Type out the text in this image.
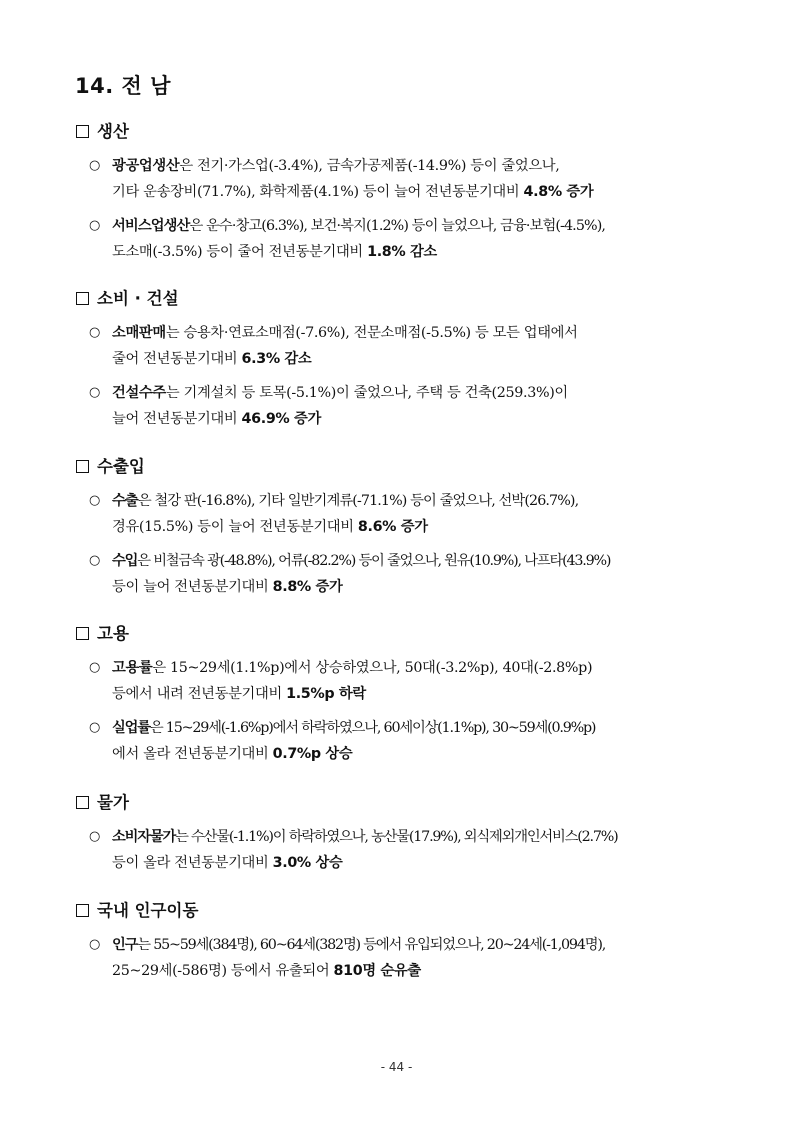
14. 전 남
생산
○ 광공업생산은 전기·가스업(-3.4%), 금속가공제품(-14.9%) 등이 줄었으나,
기타 운송장비(71.7%), 화학제품(4.1%) 등이 늘어 전년동분기대비 4.8% 증가
○ 서비스업생산은 운수·창고(6.3%), 보건·복지(1.2%) 등이 늘었으나, 금융·보험(-4.5%),
도소매(-3.5%) 등이 줄어 전년동분기대비 1.8% 감소
소비 · 건설
○ 소매판매는 승용차·연료소매점(-7.6%), 전문소매점(-5.5%) 등 모든 업태에서
줄어 전년동분기대비 6.3% 감소
○ 건설수주는 기계설치 등 토목(-5.1%)이 줄었으나, 주택 등 건축(259.3%)이
늘어 전년동분기대비 46.9% 증가
수출입
○ 수출은 철강 판(-16.8%), 기타 일반기계류(-71.1%) 등이 줄었으나, 선박(26.7%),
경유(15.5%) 등이 늘어 전년동분기대비 8.6% 증가
○ 수입은 비철금속 광(-48.8%), 어류(-82.2%) 등이 줄었으나, 원유(10.9%), 나프타(43.9%)
등이 늘어 전년동분기대비 8.8% 증가
고용
○ 고용률은 15~29세(1.1%p)에서 상승하였으나, 50대(-3.2%p), 40대(-2.8%p)
등에서 내려 전년동분기대비 1.5%p 하락
○ 실업률은 15~29세(-1.6%p)에서 하락하였으나, 60세이상(1.1%p), 30~59세(0.9%p)
에서 올라 전년동분기대비 0.7%p 상승
물가
○ 소비자물가는 수산물(-1.1%)이 하락하였으나, 농산물(17.9%), 외식제외개인서비스(2.7%)
등이 올라 전년동분기대비 3.0% 상승
국내 인구이동
○ 인구는 55~59세(384명), 60~64세(382명) 등에서 유입되었으나, 20~24세(-1,094명),
25~29세(-586명) 등에서 유출되어 810명 순유출
- 44 -
